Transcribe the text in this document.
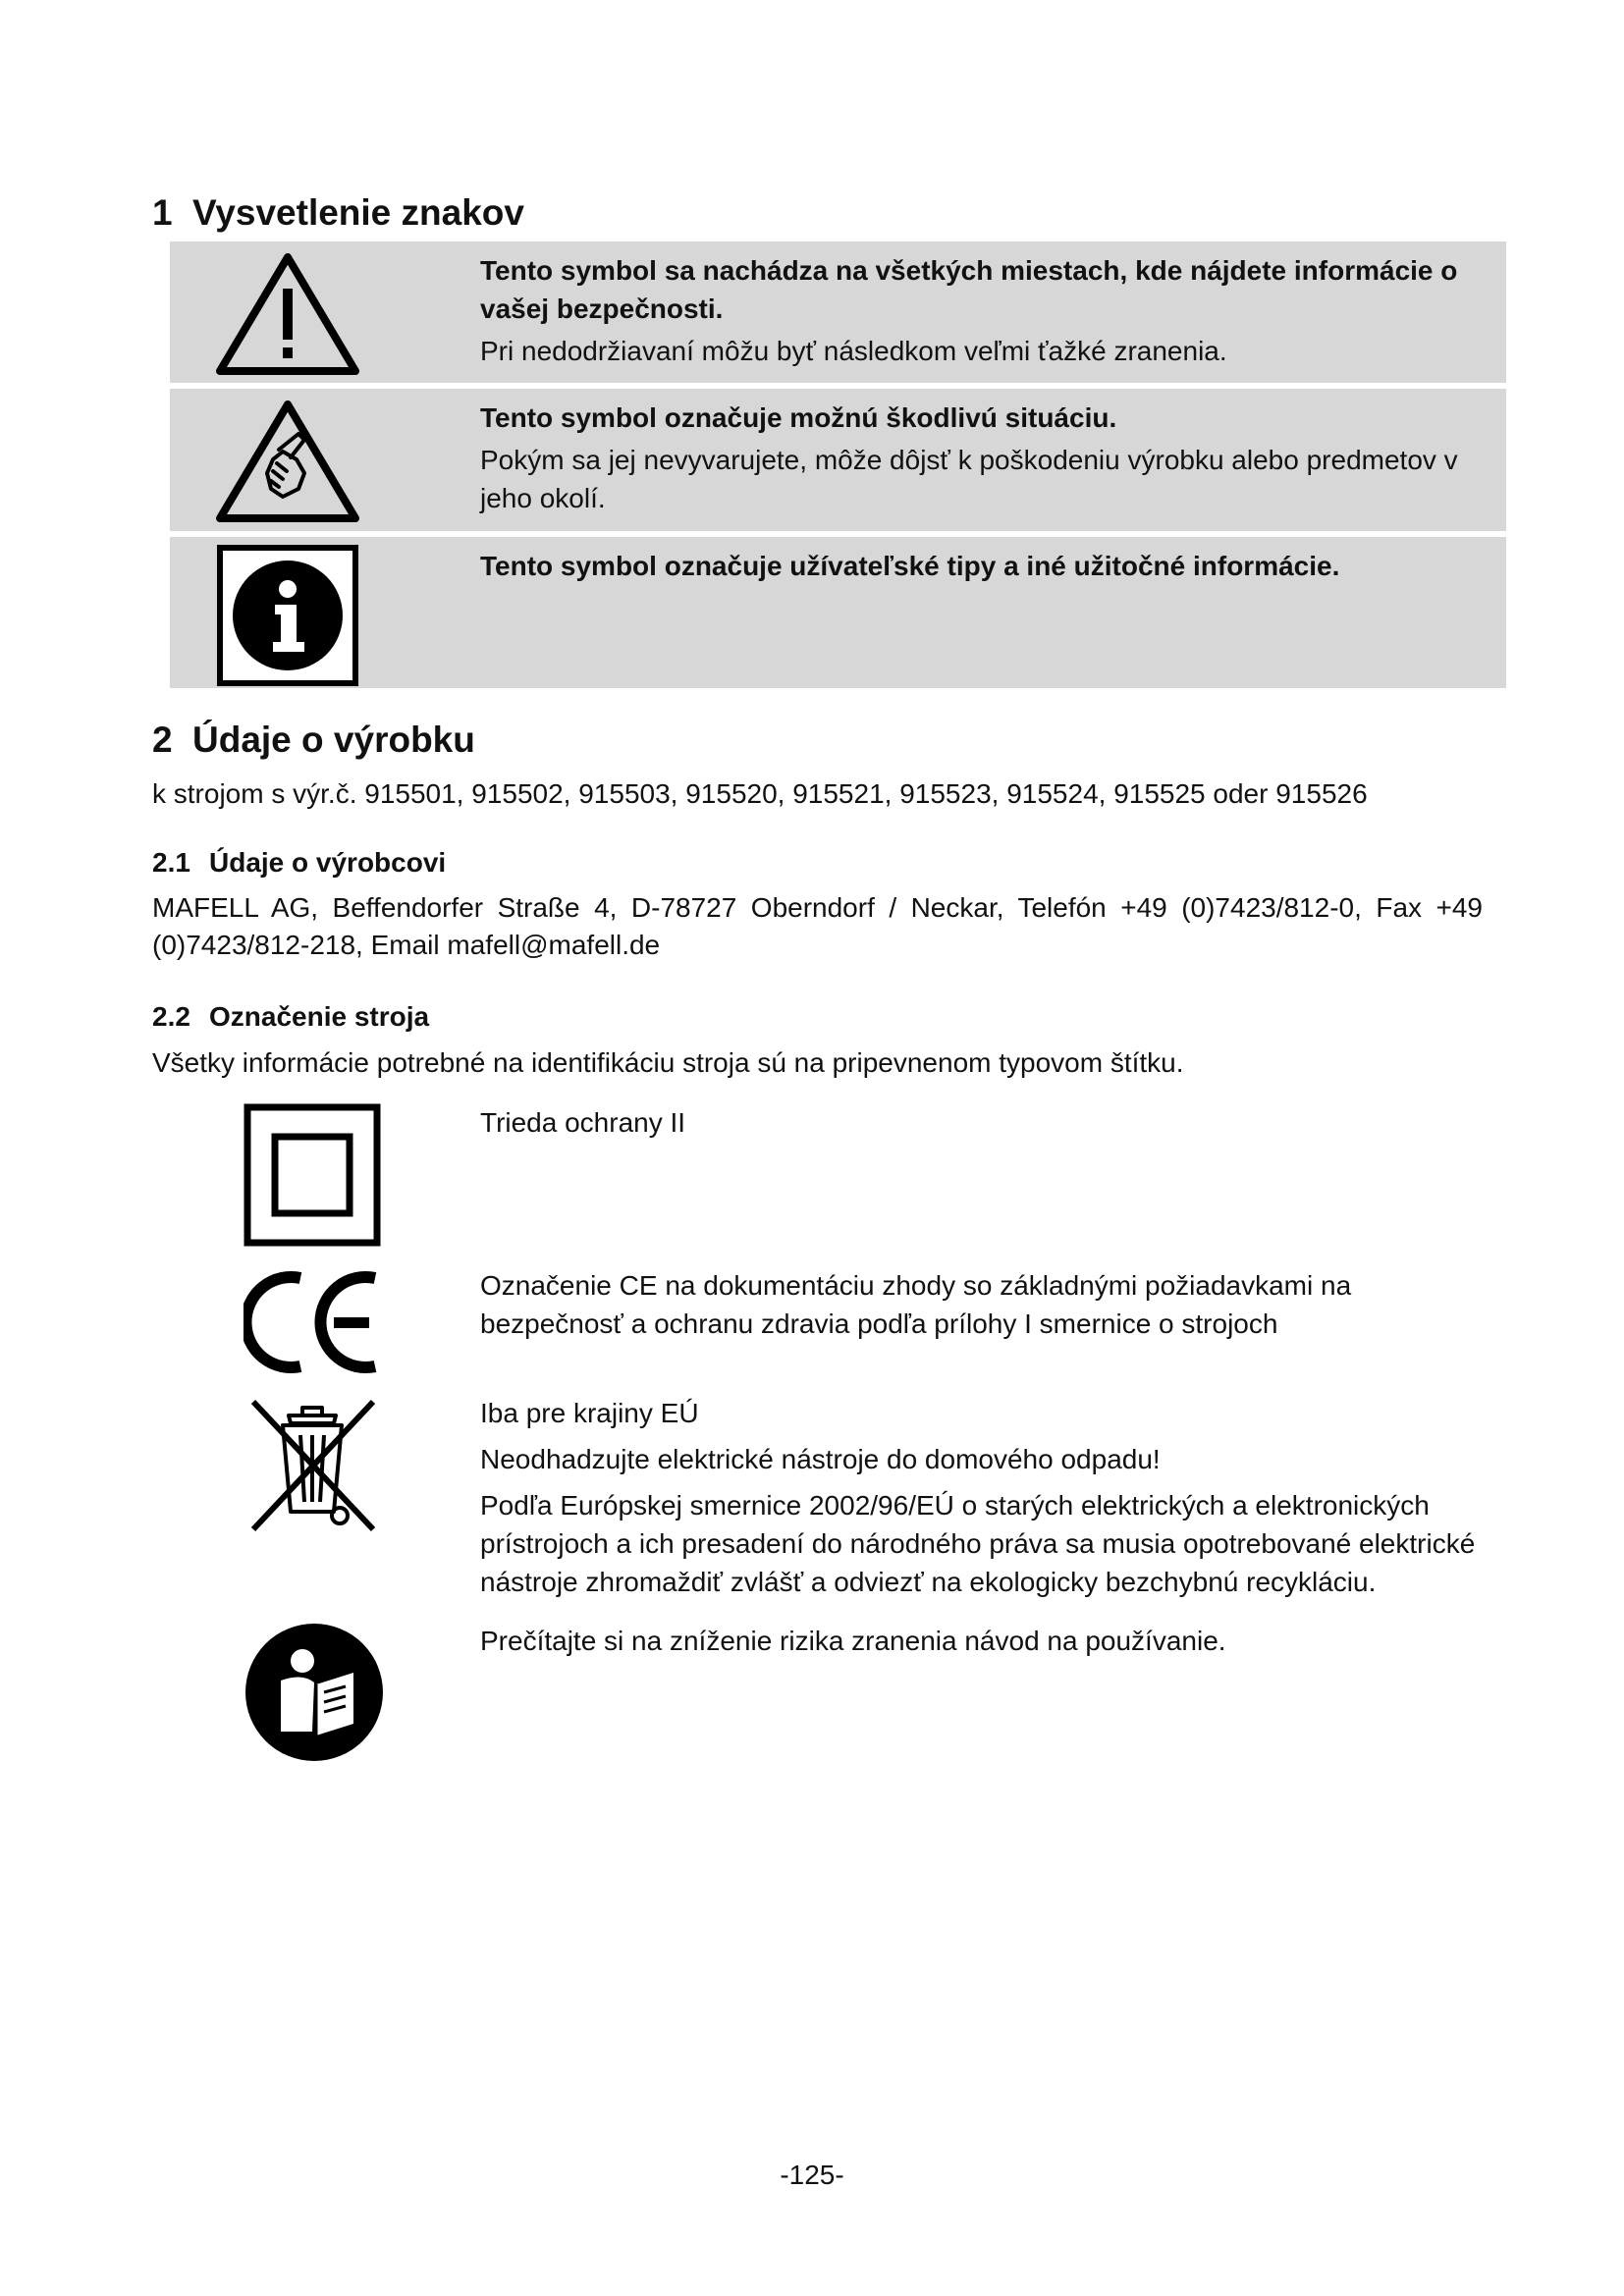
1 Vysvetlenie znakov

Tento symbol sa nachádza na všetkých miestach, kde nájdete informácie o vašej bezpečnosti.

Pri nedodržiavaní môžu byť následkom veľmi ťažké zranenia.

Tento symbol označuje možnú škodlivú situáciu.

Pokým sa jej nevyvarujete, môže dôjsť k poškodeniu výrobku alebo predmetov v jeho okolí.

Tento symbol označuje užívateľské tipy a iné užitočné informácie.

2 Údaje o výrobku

k strojom s výr.č. 915501, 915502, 915503, 915520, 915521, 915523, 915524, 915525 oder 915526

2.1 Údaje o výrobcovi

MAFELL AG, Beffendorfer Straße 4, D-78727 Oberndorf / Neckar, Telefón +49 (0)7423/812-0, Fax +49 (0)7423/812-218, Email mafell@mafell.de

2.2 Označenie stroja

Všetky informácie potrebné na identifikáciu stroja sú na pripevnenom typovom štítku.

Trieda ochrany II

Označenie CE na dokumentáciu zhody so základnými požiadavkami na bezpečnosť a ochranu zdravia podľa prílohy I smernice o strojoch

Iba pre krajiny EÚ

Neodhadzujte elektrické nástroje do domového odpadu!

Podľa Európskej smernice 2002/96/EÚ o starých elektrických a elektronických prístrojoch a ich presadení do národného práva sa musia opotrebované elektrické nástroje zhromaždiť zvlášť a odviezť na ekologicky bezchybnú recykláciu.

Prečítajte si na zníženie rizika zranenia návod na používanie.

-125-
